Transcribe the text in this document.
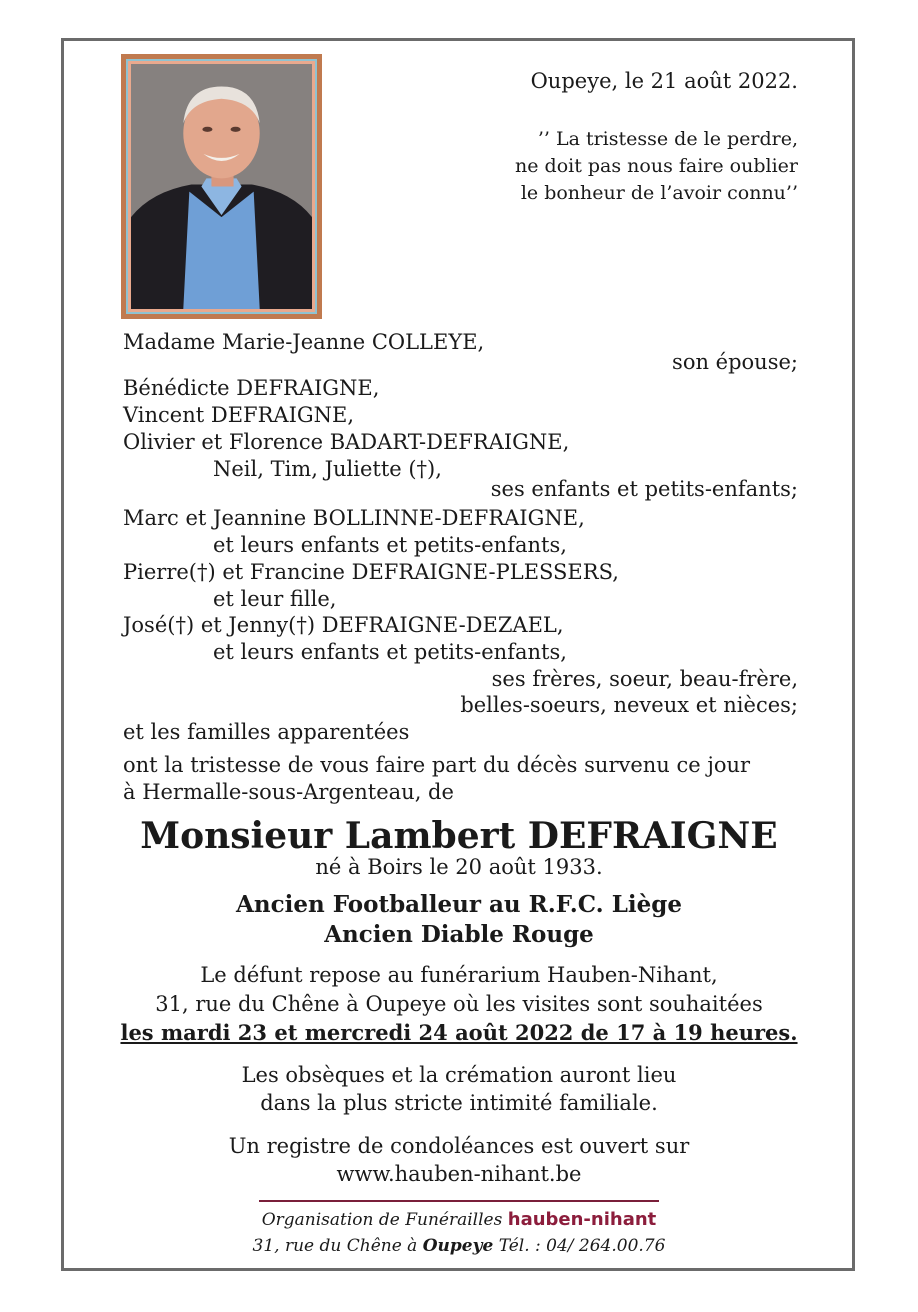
Oupeye, le 21 août 2022.
’’ La tristesse de le perdre,
ne doit pas nous faire oublier
le bonheur de l’avoir connu’’
Madame Marie-Jeanne COLLEYE,
son épouse;
Bénédicte DEFRAIGNE,
Vincent DEFRAIGNE,
Olivier et Florence BADART-DEFRAIGNE,
Neil, Tim, Juliette (†),
ses enfants et petits-enfants;
Marc et Jeannine BOLLINNE-DEFRAIGNE,
et leurs enfants et petits-enfants,
Pierre(†) et Francine DEFRAIGNE-PLESSERS,
et leur fille,
José(†) et Jenny(†) DEFRAIGNE-DEZAEL,
et leurs enfants et petits-enfants,
ses frères, soeur, beau-frère,
belles-soeurs, neveux et nièces;
et les familles apparentées
ont la tristesse de vous faire part du décès survenu ce jour
à Hermalle-sous-Argenteau, de
Monsieur Lambert DEFRAIGNE
né à Boirs le 20 août 1933.
Ancien Footballeur au R.F.C. Liège
Ancien Diable Rouge
Le défunt repose au funérarium Hauben-Nihant,
31, rue du Chêne à Oupeye où les visites sont souhaitées
les mardi 23 et mercredi 24 août 2022 de 17 à 19 heures.
Les obsèques et la crémation auront lieu
dans la plus stricte intimité familiale.
Un registre de condoléances est ouvert sur
www.hauben-nihant.be
Organisation de Funérailles hauben-nihant
31, rue du Chêne à Oupeye Tél. : 04/ 264.00.76
